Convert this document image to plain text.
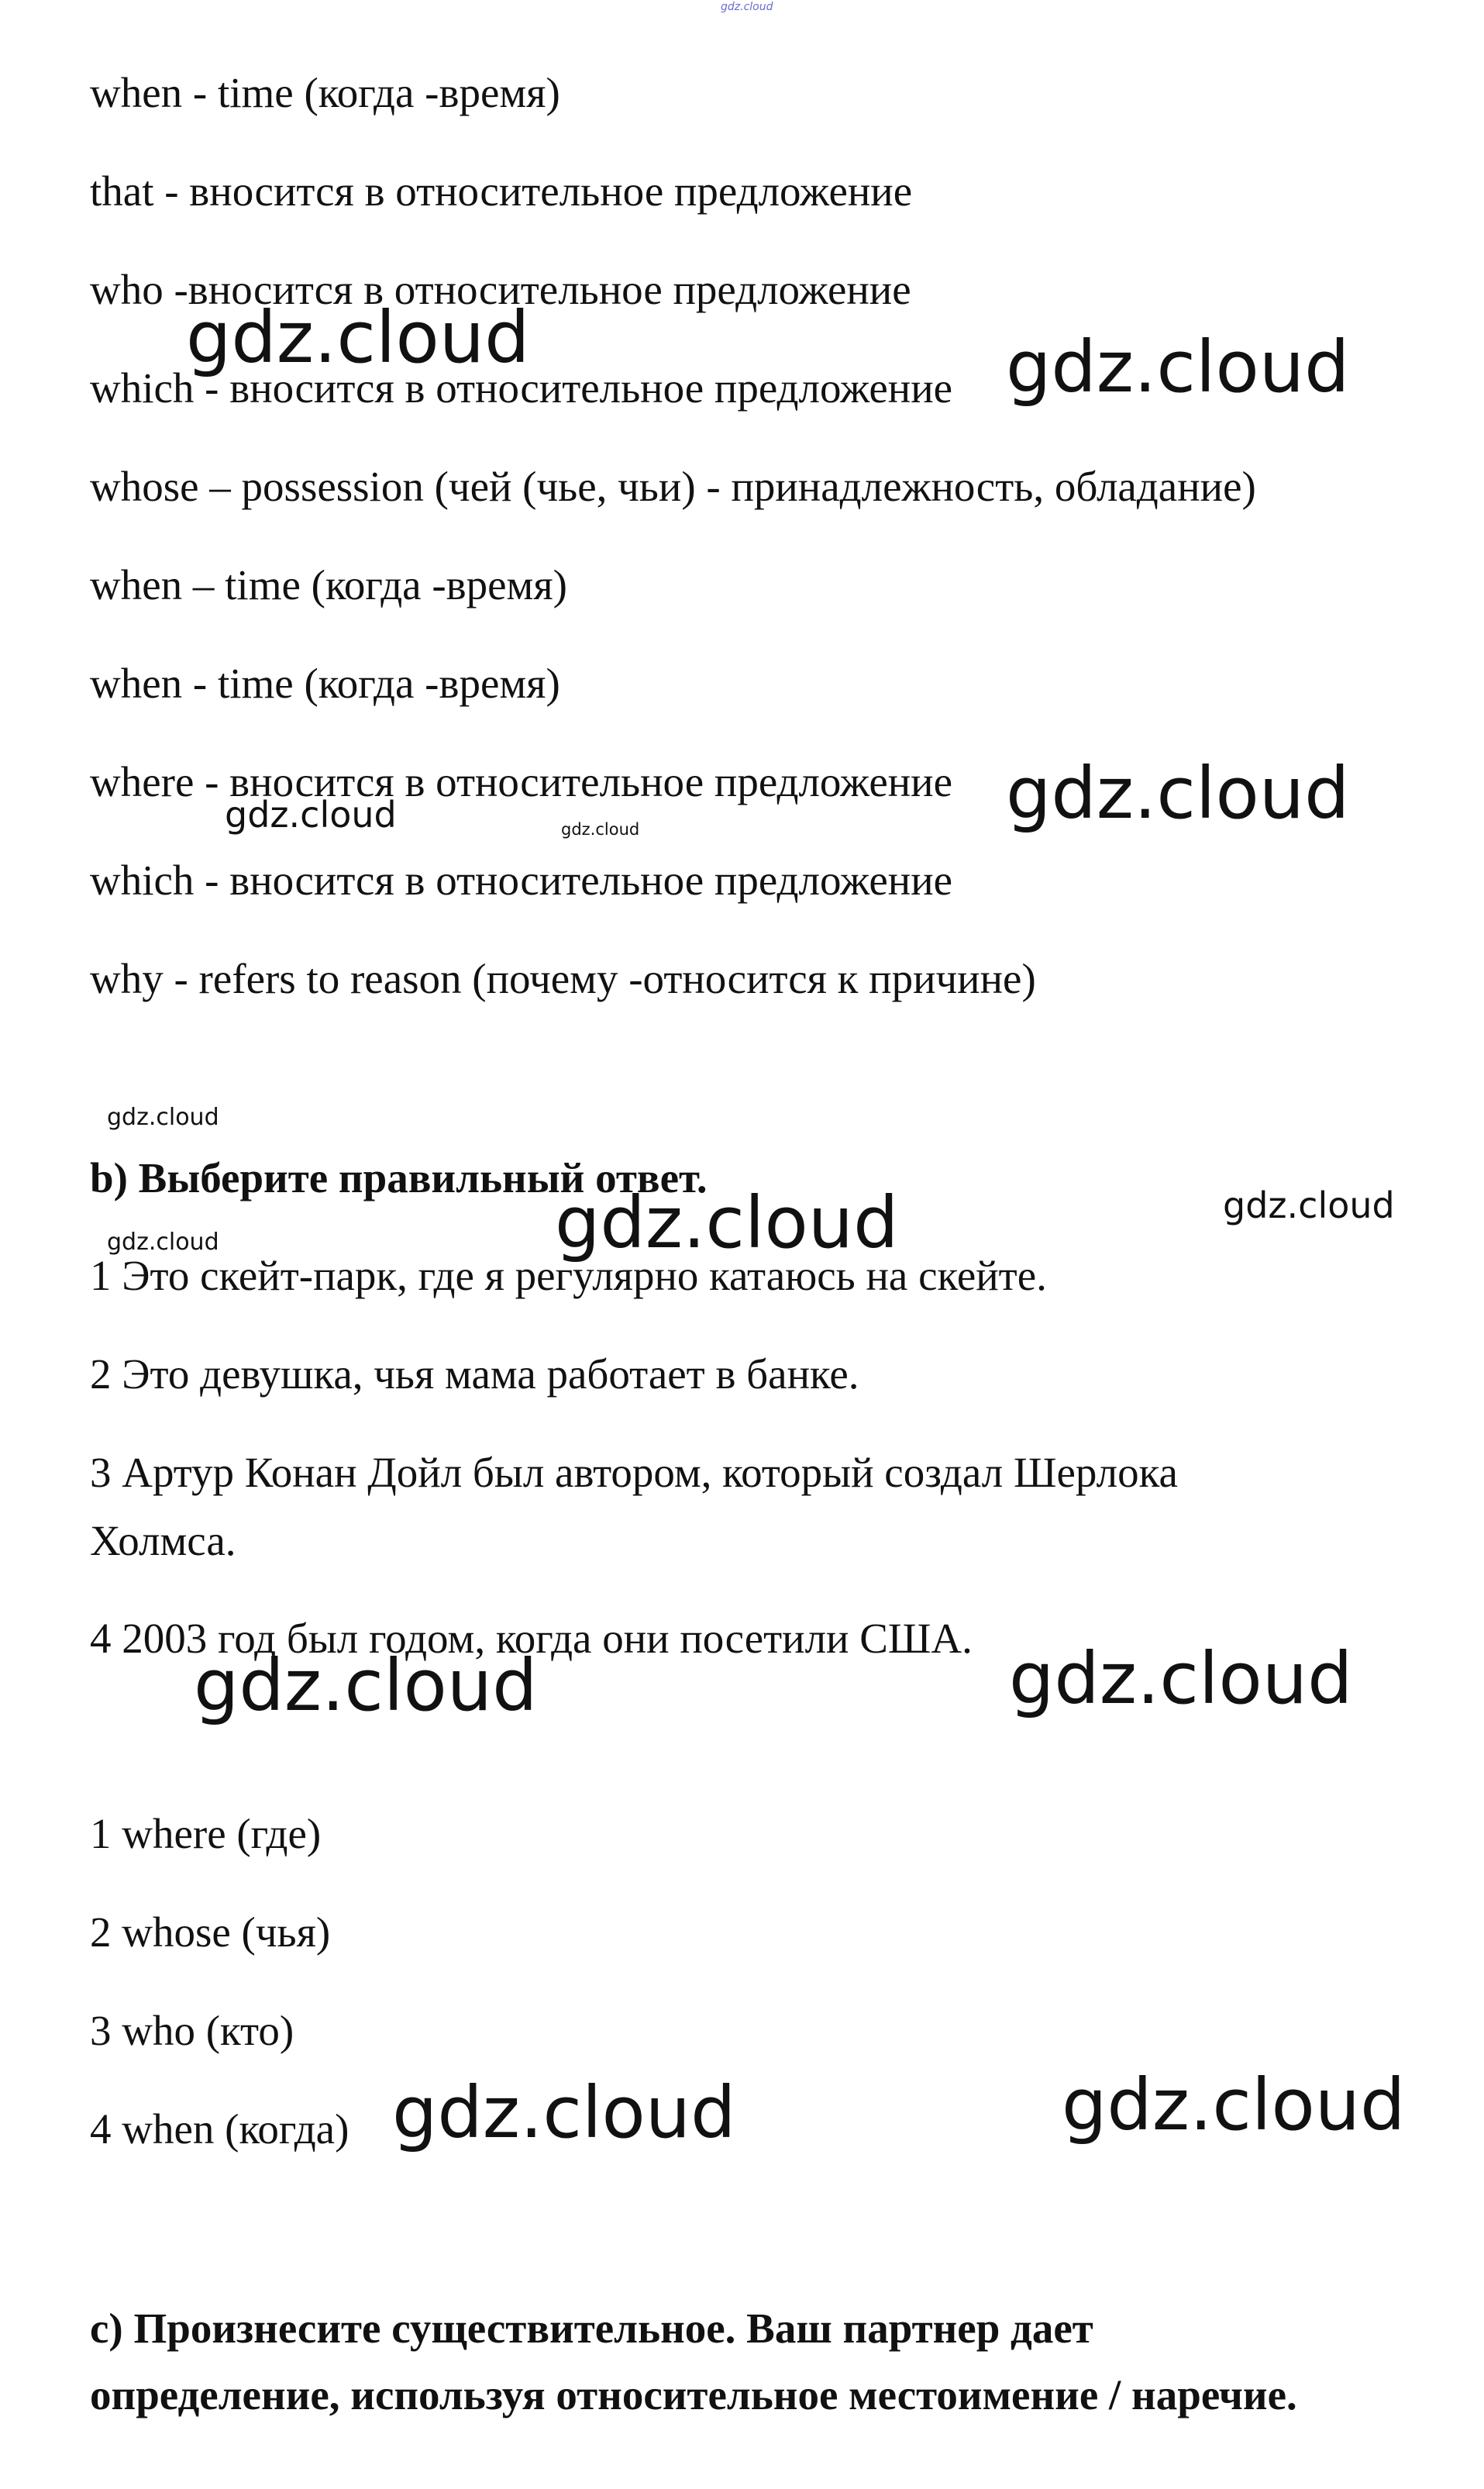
when - time (когда -время)
that - вносится в относительное предложение
who -вносится в относительное предложение
which - вносится в относительное предложение
whose – possession (чей (чье, чьи) - принадлежность, обладание)
when – time (когда -время)
when - time (когда -время)
where - вносится в относительное предложение
which - вносится в относительное предложение
why - refers to reason (почему -относится к причине)
b) Выберите правильный ответ.
1 Это скейт-парк, где я регулярно катаюсь на скейте.
2 Это девушка, чья мама работает в банке.
3 Артур Конан Дойл был автором, который создал Шерлока
Холмса.
4 2003 год был годом, когда они посетили США.
1 where (где)
2 whose (чья)
3 who (кто)
4 when (когда)
c) Произнесите существительное. Ваш партнер дает
определение, используя относительное местоимение / наречие.
gdz.cloud
gdz.cloud	gdz.cloud
gdz.cloud
gdz.cloud	gdz.cloud
gdz.cloud
gdz.cloud	gdz.cloud
gdz.cloud
gdz.cloud	gdz.cloud
gdz.cloud	gdz.cloud
